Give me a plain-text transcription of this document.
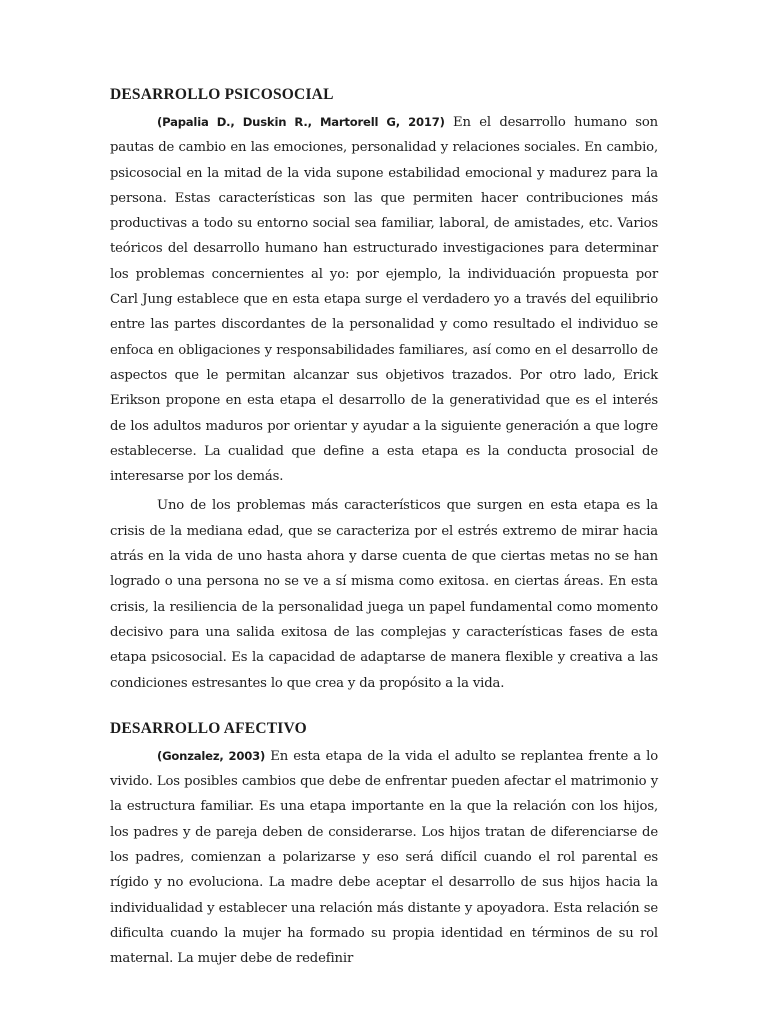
DESARROLLO PSICOSOCIAL

(Papalia D., Duskin R., Martorell G, 2017) En el desarrollo humano son pautas de cambio en las emociones, personalidad y relaciones sociales. En cambio, psicosocial en la mitad de la vida supone estabilidad emocional y madurez para la persona. Estas características son las que permiten hacer contribuciones más productivas a todo su entorno social sea familiar, laboral, de amistades, etc. Varios teóricos del desarrollo humano han estructurado investigaciones para determinar los problemas concernientes al yo: por ejemplo, la individuación propuesta por Carl Jung establece que en esta etapa surge el verdadero yo a través del equilibrio entre las partes discordantes de la personalidad y como resultado el individuo se enfoca en obligaciones y responsabilidades familiares, así como en el desarrollo de aspectos que le permitan alcanzar sus objetivos trazados. Por otro lado, Erick Erikson propone en esta etapa el desarrollo de la generatividad que es el interés de los adultos maduros por orientar y ayudar a la siguiente generación a que logre establecerse. La cualidad que define a esta etapa es la conducta prosocial de interesarse por los demás.

Uno de los problemas más característicos que surgen en esta etapa es la crisis de la mediana edad, que se caracteriza por el estrés extremo de mirar hacia atrás en la vida de uno hasta ahora y darse cuenta de que ciertas metas no se han logrado o una persona no se ve a sí misma como exitosa. en ciertas áreas. En esta crisis, la resiliencia de la personalidad juega un papel fundamental como momento decisivo para una salida exitosa de las complejas y características fases de esta etapa psicosocial. Es la capacidad de adaptarse de manera flexible y creativa a las condiciones estresantes lo que crea y da propósito a la vida.

DESARROLLO AFECTIVO

(Gonzalez, 2003) En esta etapa de la vida el adulto se replantea frente a lo vivido. Los posibles cambios que debe de enfrentar pueden afectar el matrimonio y la estructura familiar. Es una etapa importante en la que la relación con los hijos, los padres y de pareja deben de considerarse. Los hijos tratan de diferenciarse de los padres, comienzan a polarizarse y eso será difícil cuando el rol parental es rígido y no evoluciona. La madre debe aceptar el desarrollo de sus hijos hacia la individualidad y establecer una relación más distante y apoyadora. Esta relación se dificulta cuando la mujer ha formado su propia identidad en términos de su rol maternal. La mujer debe de redefinir
